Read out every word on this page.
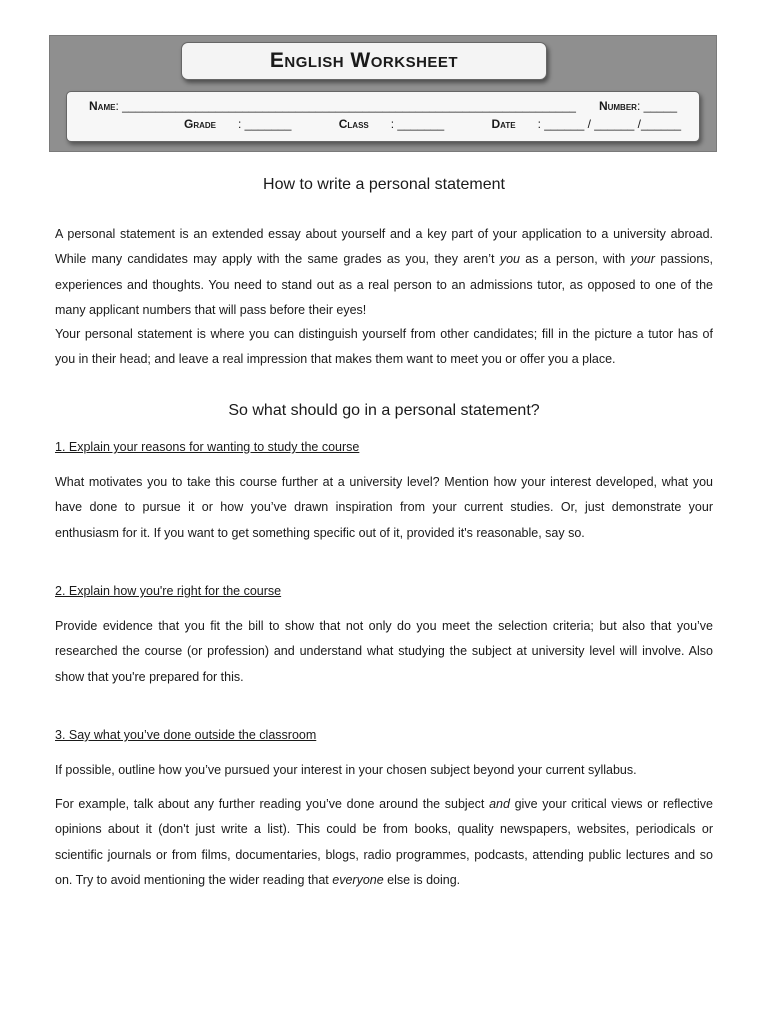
English Worksheet
Name: ____________________________________________________________________ Number: _____
Grade : _______	Class : _______	Date : ______ / ______ /______
How to write a personal statement

A personal statement is an extended essay about yourself and a key part of your application to a university abroad. While many candidates may apply with the same grades as you, they aren’t you as a person, with your passions, experiences and thoughts. You need to stand out as a real person to an admissions tutor, as opposed to one of the many applicant numbers that will pass before their eyes!

Your personal statement is where you can distinguish yourself from other candidates; fill in the picture a tutor has of you in their head; and leave a real impression that makes them want to meet you or offer you a place.

So what should go in a personal statement?

1. Explain your reasons for wanting to study the course

What motivates you to take this course further at a university level? Mention how your interest developed, what you have done to pursue it or how you’ve drawn inspiration from your current studies. Or, just demonstrate your enthusiasm for it. If you want to get something specific out of it, provided it's reasonable, say so.

2. Explain how you're right for the course

Provide evidence that you fit the bill to show that not only do you meet the selection criteria; but also that you’ve researched the course (or profession) and understand what studying the subject at university level will involve. Also show that you're prepared for this.

3. Say what you’ve done outside the classroom

If possible, outline how you’ve pursued your interest in your chosen subject beyond your current syllabus.

For example, talk about any further reading you’ve done around the subject and give your critical views or reflective opinions about it (don't just write a list). This could be from books, quality newspapers, websites, periodicals or scientific journals or from films, documentaries, blogs, radio programmes, podcasts, attending public lectures and so on. Try to avoid mentioning the wider reading that everyone else is doing.
